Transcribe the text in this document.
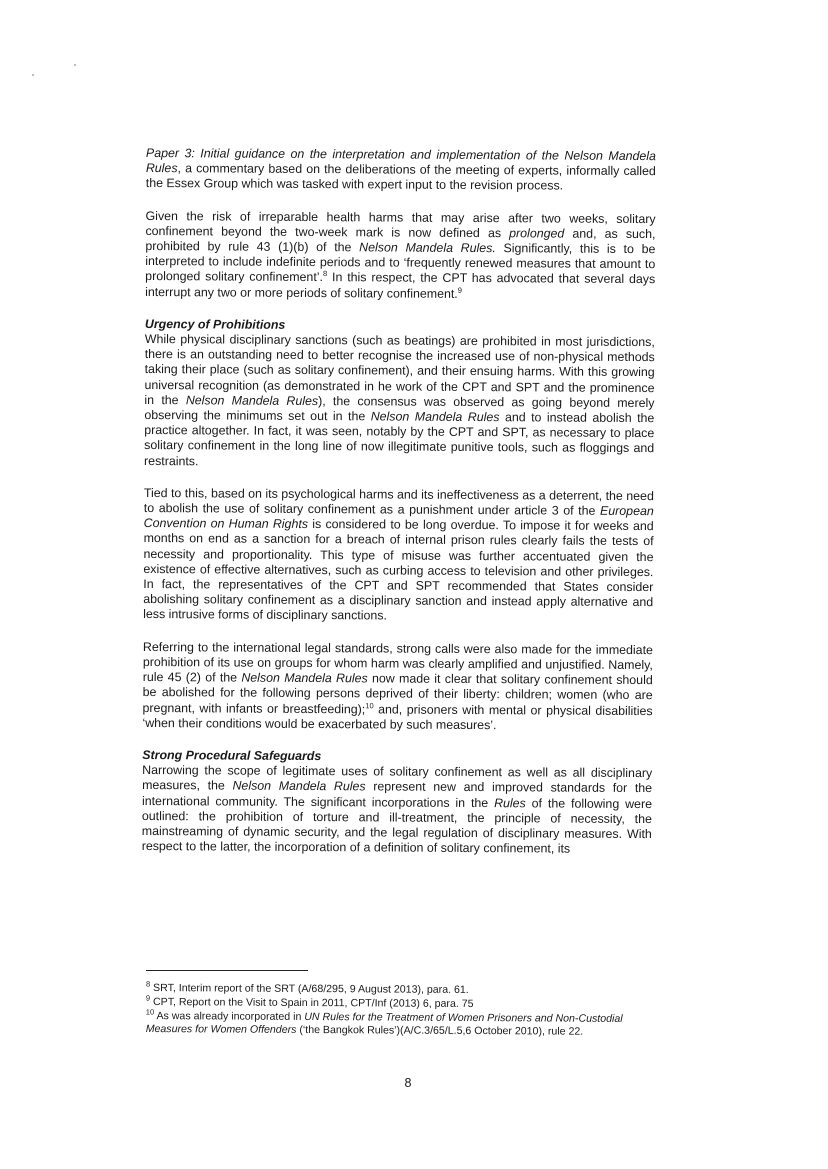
Paper 3: Initial guidance on the interpretation and implementation of the Nelson Mandela Rules, a commentary based on the deliberations of the meeting of experts, informally called the Essex Group which was tasked with expert input to the revision process.

Given the risk of irreparable health harms that may arise after two weeks, solitary confinement beyond the two-week mark is now defined as prolonged and, as such, prohibited by rule 43 (1)(b) of the Nelson Mandela Rules. Significantly, this is to be interpreted to include indefinite periods and to ‘frequently renewed measures that amount to prolonged solitary confinement’.$^8$ In this respect, the CPT has advocated that several days interrupt any two or more periods of solitary confinement.$^9$

Urgency of Prohibitions
While physical disciplinary sanctions (such as beatings) are prohibited in most jurisdictions, there is an outstanding need to better recognise the increased use of non-physical methods taking their place (such as solitary confinement), and their ensuing harms. With this growing universal recognition (as demonstrated in he work of the CPT and SPT and the prominence in the Nelson Mandela Rules), the consensus was observed as going beyond merely observing the minimums set out in the Nelson Mandela Rules and to instead abolish the practice altogether. In fact, it was seen, notably by the CPT and SPT, as necessary to place solitary confinement in the long line of now illegitimate punitive tools, such as floggings and restraints.

Tied to this, based on its psychological harms and its ineffectiveness as a deterrent, the need to abolish the use of solitary confinement as a punishment under article 3 of the European Convention on Human Rights is considered to be long overdue. To impose it for weeks and months on end as a sanction for a breach of internal prison rules clearly fails the tests of necessity and proportionality. This type of misuse was further accentuated given the existence of effective alternatives, such as curbing access to television and other privileges. In fact, the representatives of the CPT and SPT recommended that States consider abolishing solitary confinement as a disciplinary sanction and instead apply alternative and less intrusive forms of disciplinary sanctions.

Referring to the international legal standards, strong calls were also made for the immediate prohibition of its use on groups for whom harm was clearly amplified and unjustified. Namely, rule 45 (2) of the Nelson Mandela Rules now made it clear that solitary confinement should be abolished for the following persons deprived of their liberty: children; women (who are pregnant, with infants or breastfeeding);$^{10}$ and, prisoners with mental or physical disabilities ‘when their conditions would be exacerbated by such measures’.

Strong Procedural Safeguards
Narrowing the scope of legitimate uses of solitary confinement as well as all disciplinary measures, the Nelson Mandela Rules represent new and improved standards for the international community. The significant incorporations in the Rules of the following were outlined: the prohibition of torture and ill-treatment, the principle of necessity, the mainstreaming of dynamic security, and the legal regulation of disciplinary measures. With respect to the latter, the incorporation of a definition of solitary confinement, its

$^8$ SRT, Interim report of the SRT (A/68/295, 9 August 2013), para. 61.
$^9$ CPT, Report on the Visit to Spain in 2011, CPT/Inf (2013) 6, para. 75
$^{10}$ As was already incorporated in UN Rules for the Treatment of Women Prisoners and Non-Custodial Measures for Women Offenders (‘the Bangkok Rules’)(A/C.3/65/L.5,6 October 2010), rule 22.
8
